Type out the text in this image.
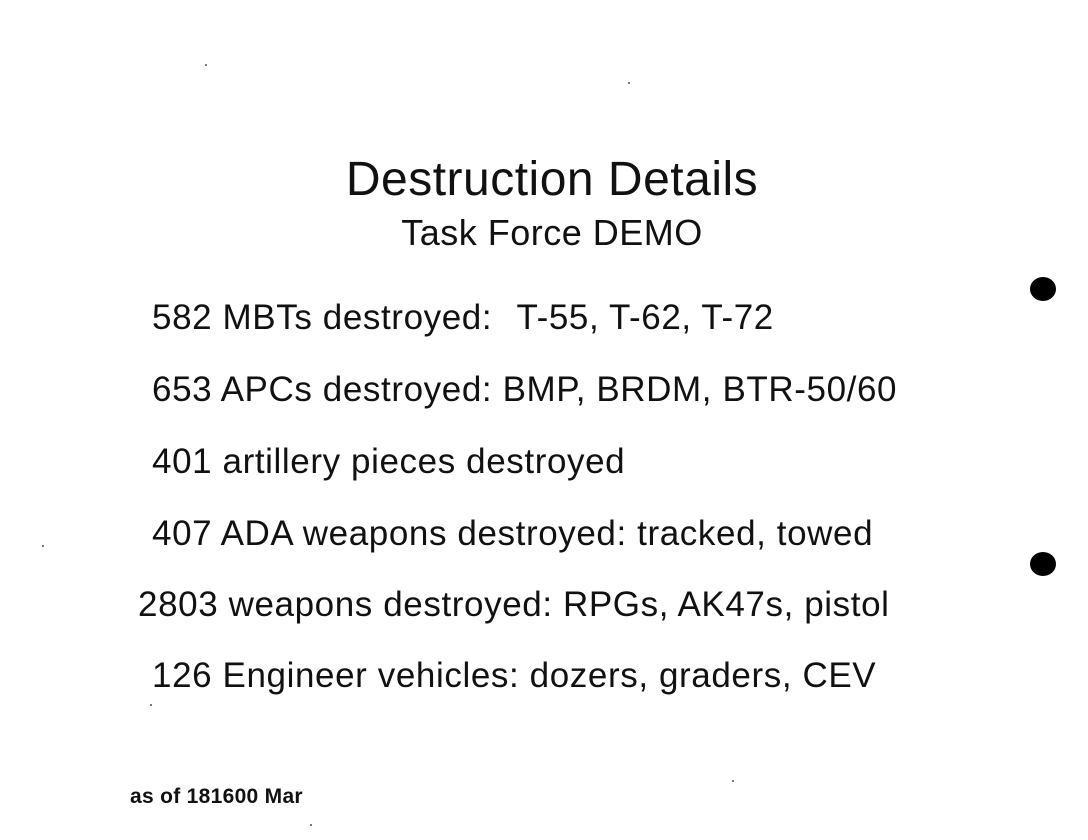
Destruction Details
Task Force DEMO
582 MBTs destroyed: T-55, T-62, T-72
653 APCs destroyed: BMP, BRDM, BTR-50/60
401 artillery pieces destroyed
407 ADA weapons destroyed: tracked, towed
2803 weapons destroyed: RPGs, AK47s, pistol
126 Engineer vehicles: dozers, graders, CEV
as of 181600 Mar
